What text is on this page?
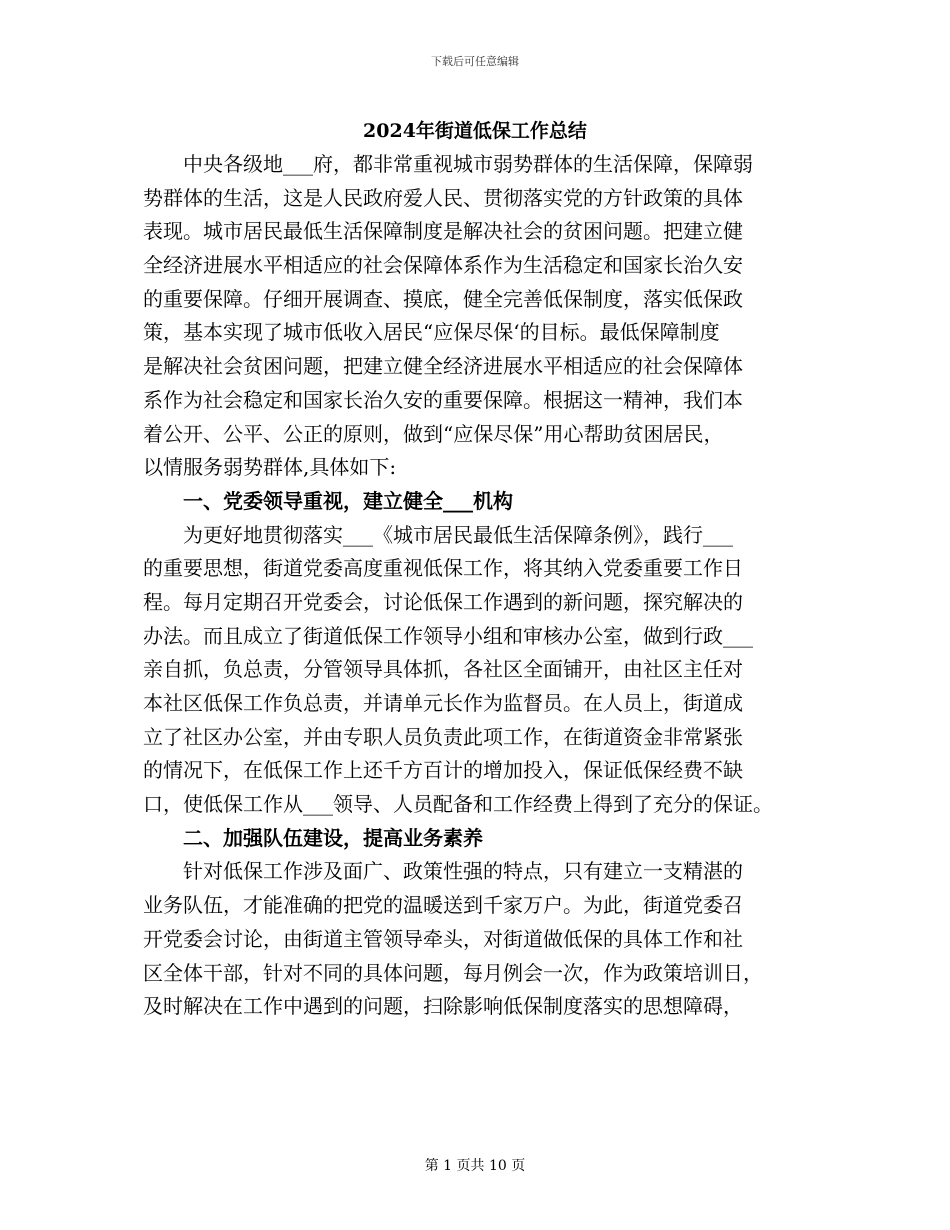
下载后可任意编辑
2024年街道低保工作总结
　　中央各级地___府，都非常重视城市弱势群体的生活保障，保障弱
势群体的生活，这是人民政府爱人民、贯彻落实党的方针政策的具体
表现。城市居民最低生活保障制度是解决社会的贫困问题。把建立健
全经济进展水平相适应的社会保障体系作为生活稳定和国家长治久安
的重要保障。仔细开展调查、摸底，健全完善低保制度，落实低保政
策，基本实现了城市低收入居民“应保尽保‘的目标。最低保障制度
是解决社会贫困问题，把建立健全经济进展水平相适应的社会保障体
系作为社会稳定和国家长治久安的重要保障。根据这一精神，我们本
着公开、公平、公正的原则，做到“应保尽保”用心帮助贫困居民，
以情服务弱势群体,具体如下:
　　一、党委领导重视，建立健全___机构
　　为更好地贯彻落实___《城市居民最低生活保障条例》，践行___
的重要思想，街道党委高度重视低保工作，将其纳入党委重要工作日
程。每月定期召开党委会，讨论低保工作遇到的新问题，探究解决的
办法。而且成立了街道低保工作领导小组和审核办公室，做到行政___
亲自抓，负总责，分管领导具体抓，各社区全面铺开，由社区主任对
本社区低保工作负总责，并请单元长作为监督员。在人员上，街道成
立了社区办公室，并由专职人员负责此项工作，在街道资金非常紧张
的情况下，在低保工作上还千方百计的增加投入，保证低保经费不缺
口，使低保工作从___领导、人员配备和工作经费上得到了充分的保证。
　　二、加强队伍建设，提高业务素养
　　针对低保工作涉及面广、政策性强的特点，只有建立一支精湛的
业务队伍，才能准确的把党的温暖送到千家万户。为此，街道党委召
开党委会讨论，由街道主管领导牵头，对街道做低保的具体工作和社
区全体干部，针对不同的具体问题，每月例会一次，作为政策培训日，
及时解决在工作中遇到的问题，扫除影响低保制度落实的思想障碍，
第 1 页共 10 页
